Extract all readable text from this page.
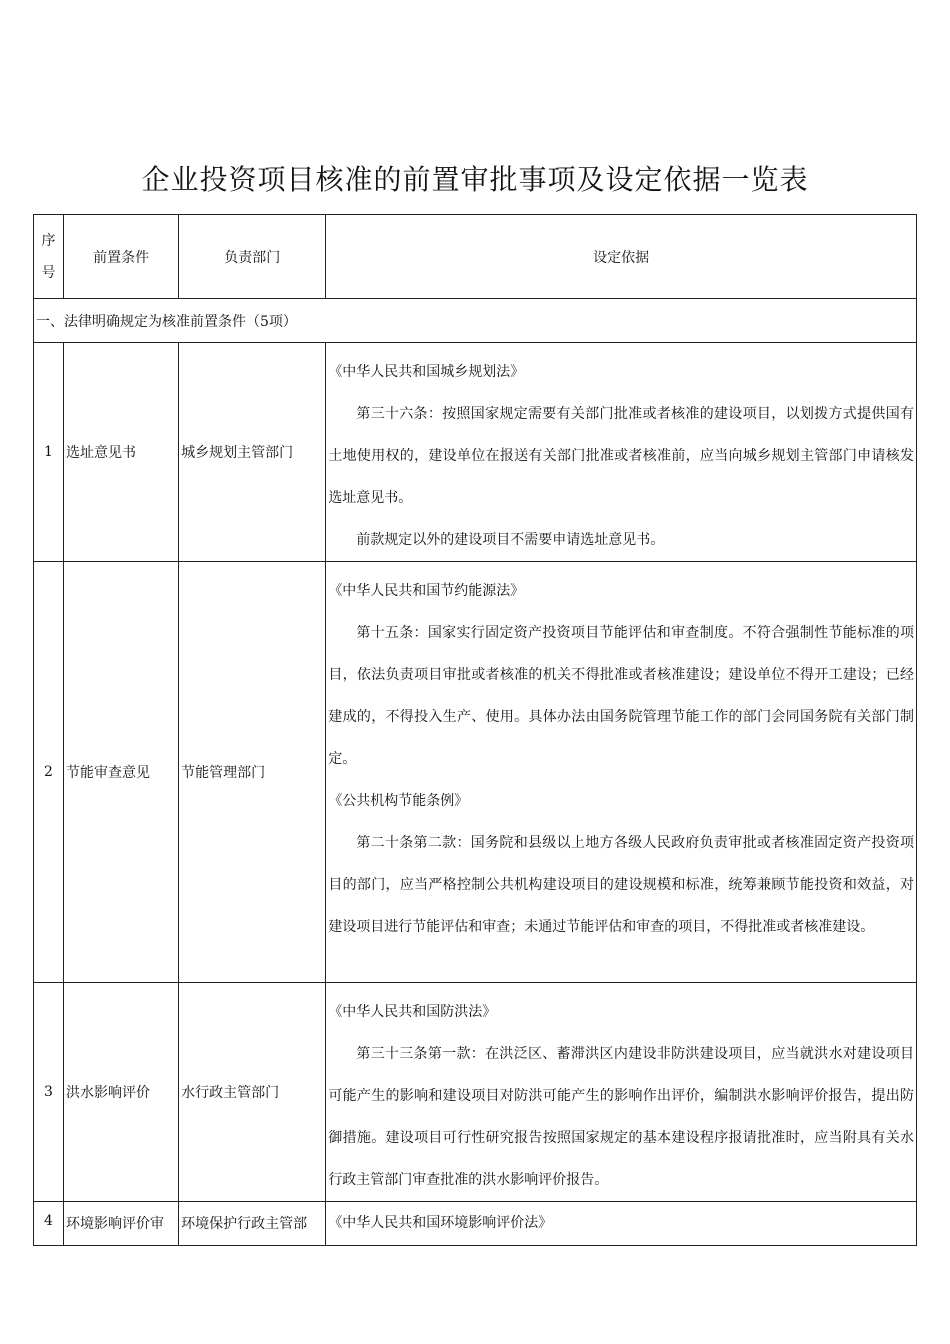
企业投资项目核准的前置审批事项及设定依据一览表
序
号	前置条件	负责部门	设定依据
一、法律明确规定为核准前置条件（5项）			
1	选址意见书	城乡规划主管部门	《中华人民共和国城乡规划法》

第三十六条：按照国家规定需要有关部门批准或者核准的建设项目，以划拨方式提供国有土地使用权的，建设单位在报送有关部门批准或者核准前，应当向城乡规划主管部门申请核发选址意见书。

前款规定以外的建设项目不需要申请选址意见书。

2	节能审查意见	节能管理部门	《中华人民共和国节约能源法》

第十五条：国家实行固定资产投资项目节能评估和审查制度。不符合强制性节能标准的项目，依法负责项目审批或者核准的机关不得批准或者核准建设；建设单位不得开工建设；已经建成的，不得投入生产、使用。具体办法由国务院管理节能工作的部门会同国务院有关部门制定。

《公共机构节能条例》

第二十条第二款：国务院和县级以上地方各级人民政府负责审批或者核准固定资产投资项目的部门，应当严格控制公共机构建设项目的建设规模和标准，统筹兼顾节能投资和效益，对建设项目进行节能评估和审查；未通过节能评估和审查的项目，不得批准或者核准建设。

3	洪水影响评价	水行政主管部门	《中华人民共和国防洪法》

第三十三条第一款：在洪泛区、蓄滞洪区内建设非防洪建设项目，应当就洪水对建设项目可能产生的影响和建设项目对防洪可能产生的影响作出评价，编制洪水影响评价报告，提出防御措施。建设项目可行性研究报告按照国家规定的基本建设程序报请批准时，应当附具有关水行政主管部门审查批准的洪水影响评价报告。

4	环境影响评价审	环境保护行政主管部	《中华人民共和国环境影响评价法》
